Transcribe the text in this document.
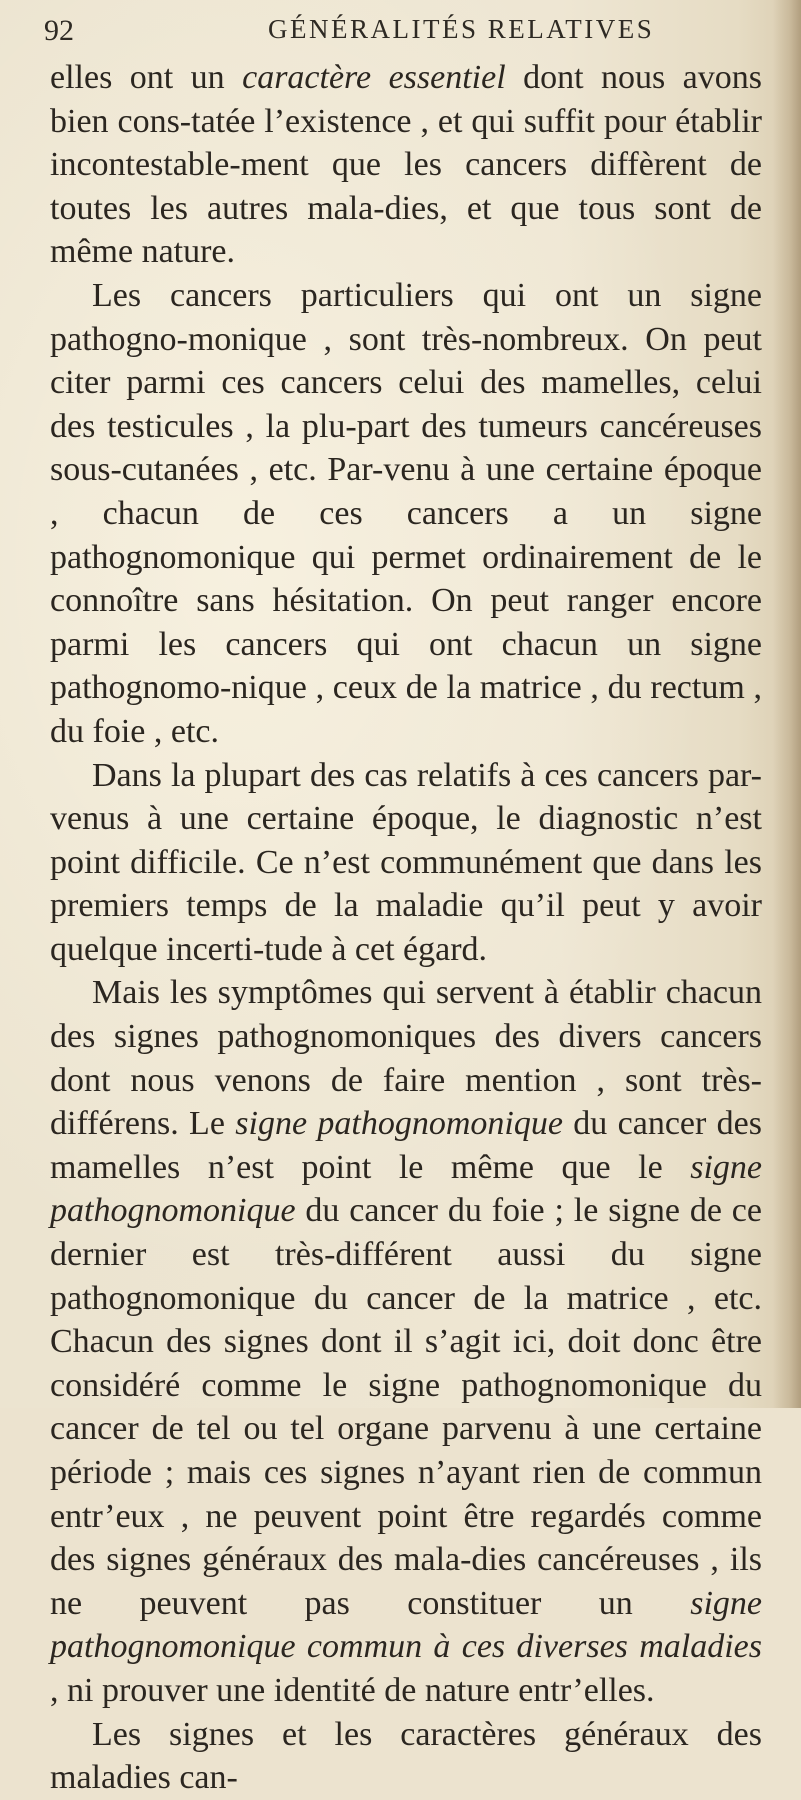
92	GÉNÉRALITÉS RELATIVES

elles ont un caractère essentiel dont nous avons bien cons-tatée l’existence , et qui suffit pour établir incontestable-ment que les cancers diffèrent de toutes les autres mala-dies, et que tous sont de même nature.

Les cancers particuliers qui ont un signe pathogno-monique , sont très-nombreux. On peut citer parmi ces cancers celui des mamelles, celui des testicules , la plu-part des tumeurs cancéreuses sous-cutanées , etc. Par-venu à une certaine époque , chacun de ces cancers a un signe pathognomonique qui permet ordinairement de le connoître sans hésitation. On peut ranger encore parmi les cancers qui ont chacun un signe pathognomo-nique , ceux de la matrice , du rectum , du foie , etc.

Dans la plupart des cas relatifs à ces cancers par-venus à une certaine époque, le diagnostic n’est point difficile. Ce n’est communément que dans les premiers temps de la maladie qu’il peut y avoir quelque incerti-tude à cet égard.

Mais les symptômes qui servent à établir chacun des signes pathognomoniques des divers cancers dont nous venons de faire mention , sont très-différens. Le signe pathognomonique du cancer des mamelles n’est point le même que le signe pathognomonique du cancer du foie ; le signe de ce dernier est très-différent aussi du signe pathognomonique du cancer de la matrice , etc. Chacun des signes dont il s’agit ici, doit donc être considéré comme le signe pathognomonique du cancer de tel ou tel organe parvenu à une certaine période ; mais ces signes n’ayant rien de commun entr’eux , ne peuvent point être regardés comme des signes généraux des mala-dies cancéreuses , ils ne peuvent pas constituer un signe pathognomonique commun à ces diverses maladies , ni prouver une identité de nature entr’elles.

Les signes et les caractères généraux des maladies can-
